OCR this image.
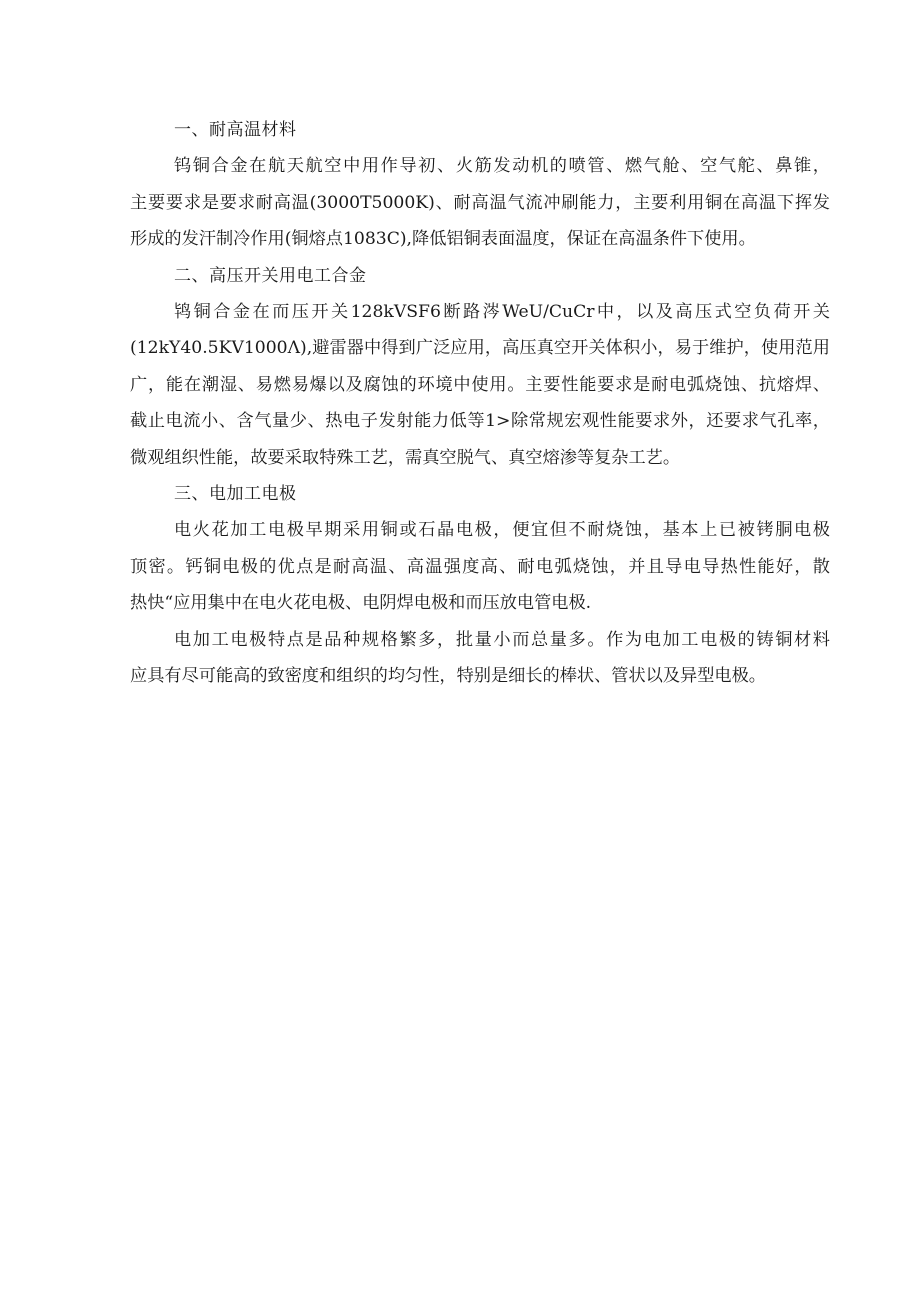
一、耐高温材料
钨铜合金在航天航空中用作导初、火筋发动机的喷管、燃气舱、空气舵、鼻锥，
主要要求是要求耐高温(3000T5000K)、耐高温气流冲刷能力，主要利用铜在高温下挥发
形成的发汗制冷作用(铜熔点1083C),降低铝铜表面温度，保证在高温条件下使用。
二、高压开关用电工合金
鸨铜合金在而压开关128kVSF6断路涔WeU/CuCr中，以及高压式空负荷开关
(12kY40.5KV1000Λ),避雷器中得到广泛应用，高压真空开关体积小，易于维护，使用范用
广，能在潮湿、易燃易爆以及腐蚀的环境中使用。主要性能要求是耐电弧烧蚀、抗熔焊、
截止电流小、含气量少、热电子发射能力低等1>除常规宏观性能要求外，还要求气孔率，
微观组织性能，故要采取特殊工艺，需真空脱气、真空熔渗等复杂工艺。
三、电加工电极
电火花加工电极早期采用铜或石晶电极，便宜但不耐烧蚀，基本上已被铐胴电极
顶密。钙铜电极的优点是耐高温、高温强度高、耐电弧烧蚀，并且导电导热性能好，散
热快“应用集中在电火花电极、电阴焊电极和而压放电管电极.
电加工电极特点是品种规格繁多，批量小而总量多。作为电加工电极的铸铜材料
应具有尽可能高的致密度和组织的均匀性，特别是细长的棒状、管状以及异型电极。
